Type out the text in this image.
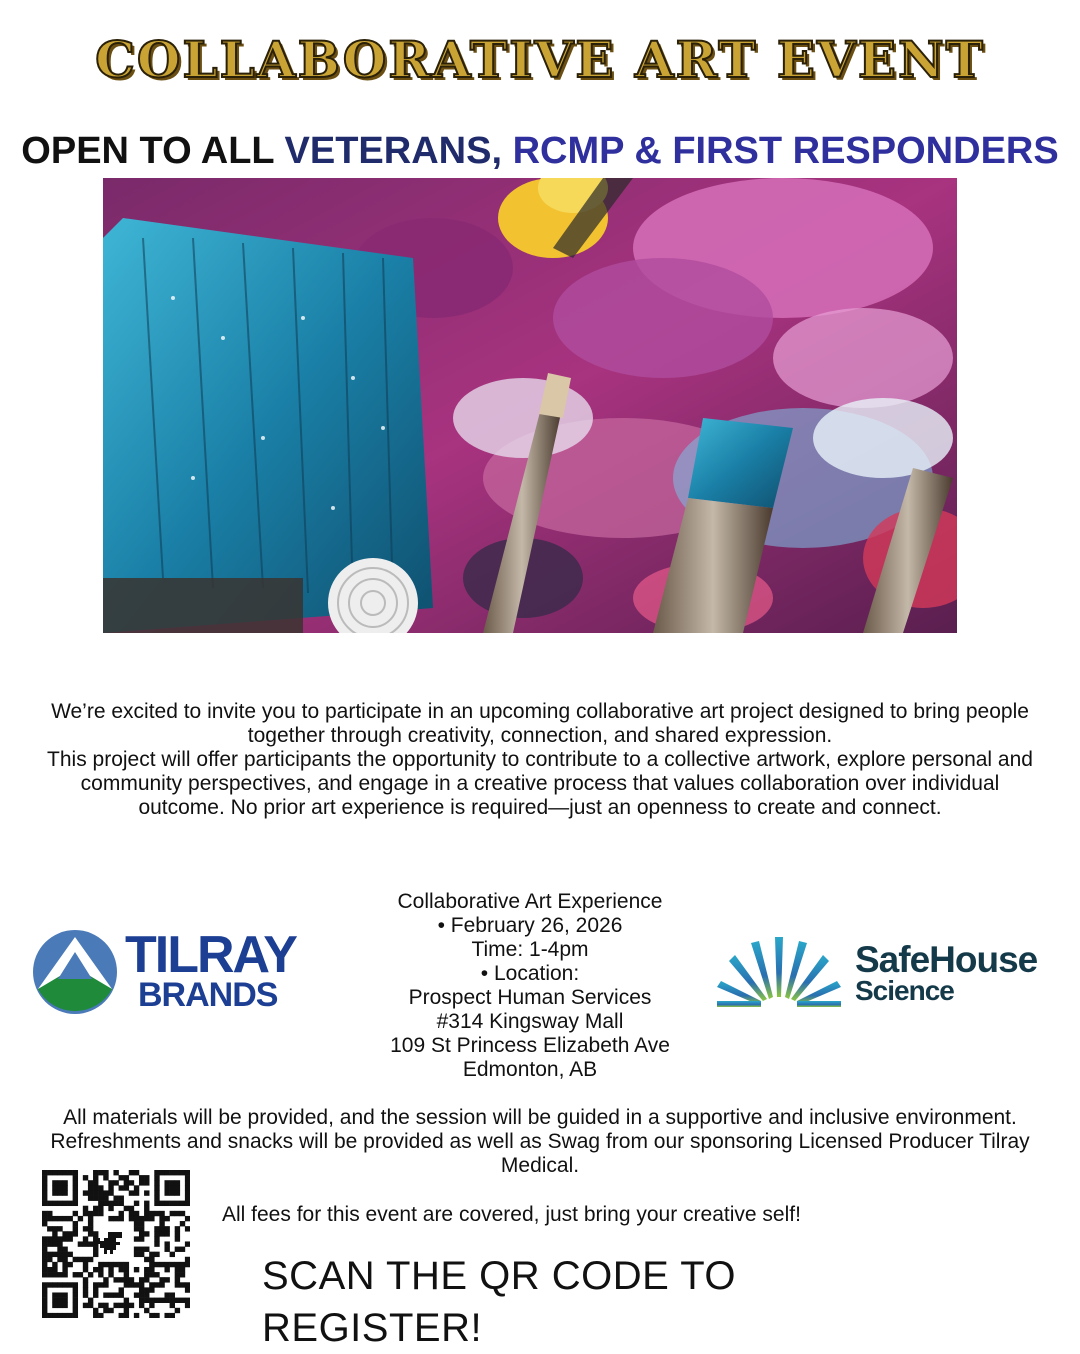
COLLABORATIVE ART EVENT
OPEN TO ALL VETERANS, RCMP & FIRST RESPONDERS

We’re excited to invite you to participate in an upcoming collaborative art project designed to bring people together through creativity, connection, and shared expression.

This project will offer participants the opportunity to contribute to a collective artwork, explore personal and community perspectives, and engage in a creative process that values collaboration over individual outcome. No prior art experience is required—just an openness to create and connect.

TILRAY
BRANDS
Collaborative Art Experience
• February 26, 2026
Time: 1-4pm
• Location:
Prospect Human Services
#314 Kingsway Mall
109 St Princess Elizabeth Ave
Edmonton, AB
SafeHouse
Science
All materials will be provided, and the session will be guided in a supportive and inclusive environment. Refreshments and snacks will be provided as well as Swag from our sponsoring Licensed Producer Tilray Medical.
All fees for this event are covered, just bring your creative self!
SCAN THE QR CODE TO REGISTER!
